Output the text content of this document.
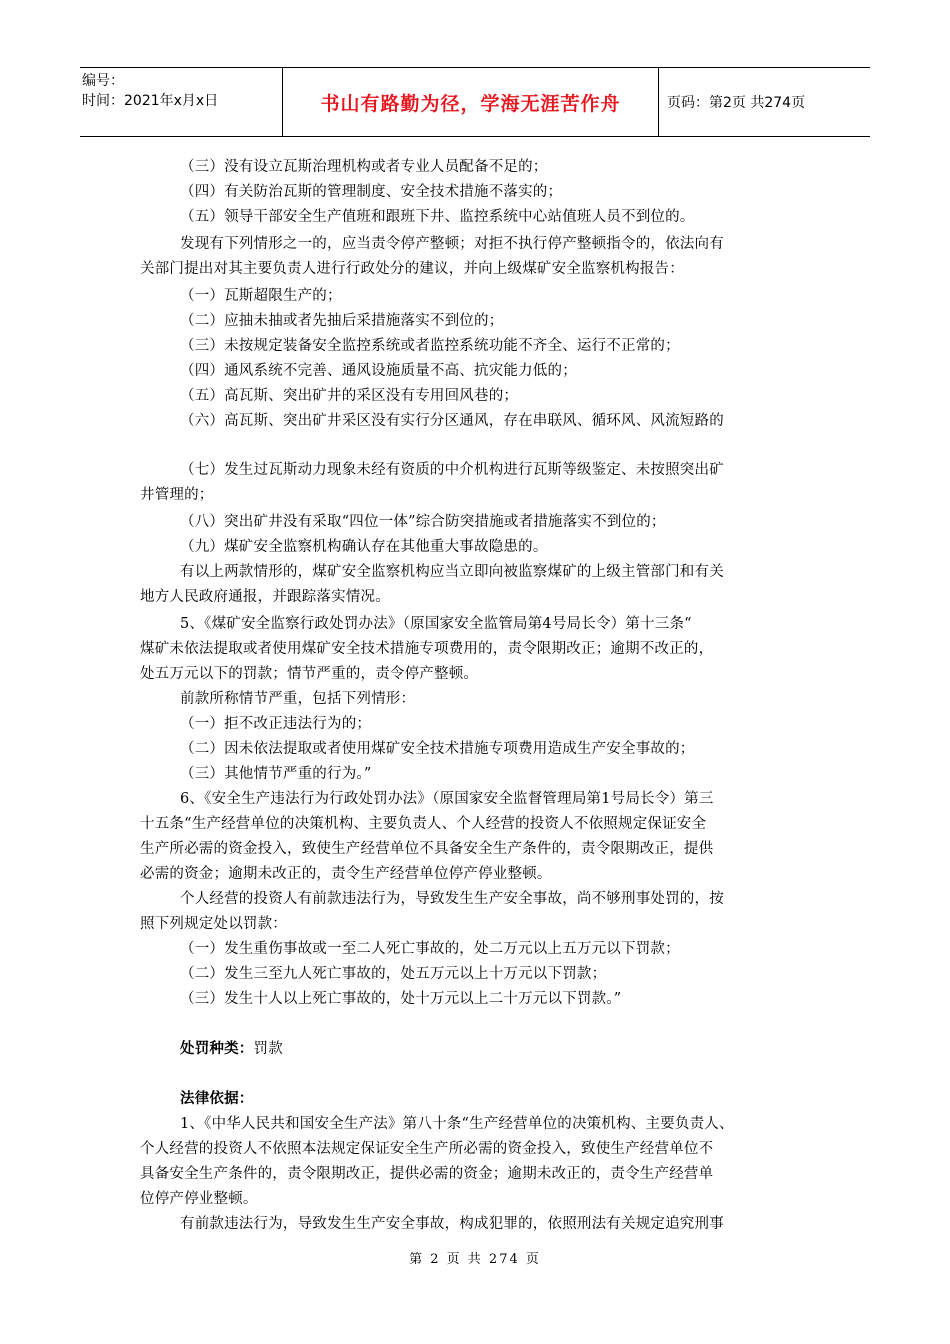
编号：
时间：2021年x月x日	书山有路勤为径，学海无涯苦作舟	页码：第2页 共274页
（三）没有设立瓦斯治理机构或者专业人员配备不足的；
（四）有关防治瓦斯的管理制度、安全技术措施不落实的；
（五）领导干部安全生产值班和跟班下井、监控系统中心站值班人员不到位的。
发现有下列情形之一的，应当责令停产整顿；对拒不执行停产整顿指令的，依法向有
关部门提出对其主要负责人进行行政处分的建议，并向上级煤矿安全监察机构报告：
（一）瓦斯超限生产的；
（二）应抽未抽或者先抽后采措施落实不到位的；
（三）未按规定装备安全监控系统或者监控系统功能不齐全、运行不正常的；
（四）通风系统不完善、通风设施质量不高、抗灾能力低的；
（五）高瓦斯、突出矿井的采区没有专用回风巷的；
（六）高瓦斯、突出矿井采区没有实行分区通风，存在串联风、循环风、风流短路的
（七）发生过瓦斯动力现象未经有资质的中介机构进行瓦斯等级鉴定、未按照突出矿
井管理的；
（八）突出矿井没有采取“四位一体”综合防突措施或者措施落实不到位的；
（九）煤矿安全监察机构确认存在其他重大事故隐患的。
有以上两款情形的，煤矿安全监察机构应当立即向被监察煤矿的上级主管部门和有关
地方人民政府通报，并跟踪落实情况。
5、《煤矿安全监察行政处罚办法》（原国家安全监管局第4号局长令）第十三条“
煤矿未依法提取或者使用煤矿安全技术措施专项费用的，责令限期改正；逾期不改正的，
处五万元以下的罚款；情节严重的，责令停产整顿。
前款所称情节严重，包括下列情形：
（一）拒不改正违法行为的；
（二）因未依法提取或者使用煤矿安全技术措施专项费用造成生产安全事故的；
（三）其他情节严重的行为。”
6、《安全生产违法行为行政处罚办法》（原国家安全监督管理局第1号局长令）第三
十五条“生产经营单位的决策机构、主要负责人、个人经营的投资人不依照规定保证安全
生产所必需的资金投入，致使生产经营单位不具备安全生产条件的，责令限期改正，提供
必需的资金；逾期未改正的，责令生产经营单位停产停业整顿。
个人经营的投资人有前款违法行为，导致发生生产安全事故，尚不够刑事处罚的，按
照下列规定处以罚款：
（一）发生重伤事故或一至二人死亡事故的，处二万元以上五万元以下罚款；
（二）发生三至九人死亡事故的，处五万元以上十万元以下罚款；
（三）发生十人以上死亡事故的，处十万元以上二十万元以下罚款。”
处罚种类：罚款
法律依据：
1、《中华人民共和国安全生产法》第八十条“生产经营单位的决策机构、主要负责人、
个人经营的投资人不依照本法规定保证安全生产所必需的资金投入，致使生产经营单位不
具备安全生产条件的，责令限期改正，提供必需的资金；逾期未改正的，责令生产经营单
位停产停业整顿。
有前款违法行为，导致发生生产安全事故，构成犯罪的，依照刑法有关规定追究刑事
第 2 页 共 274 页
